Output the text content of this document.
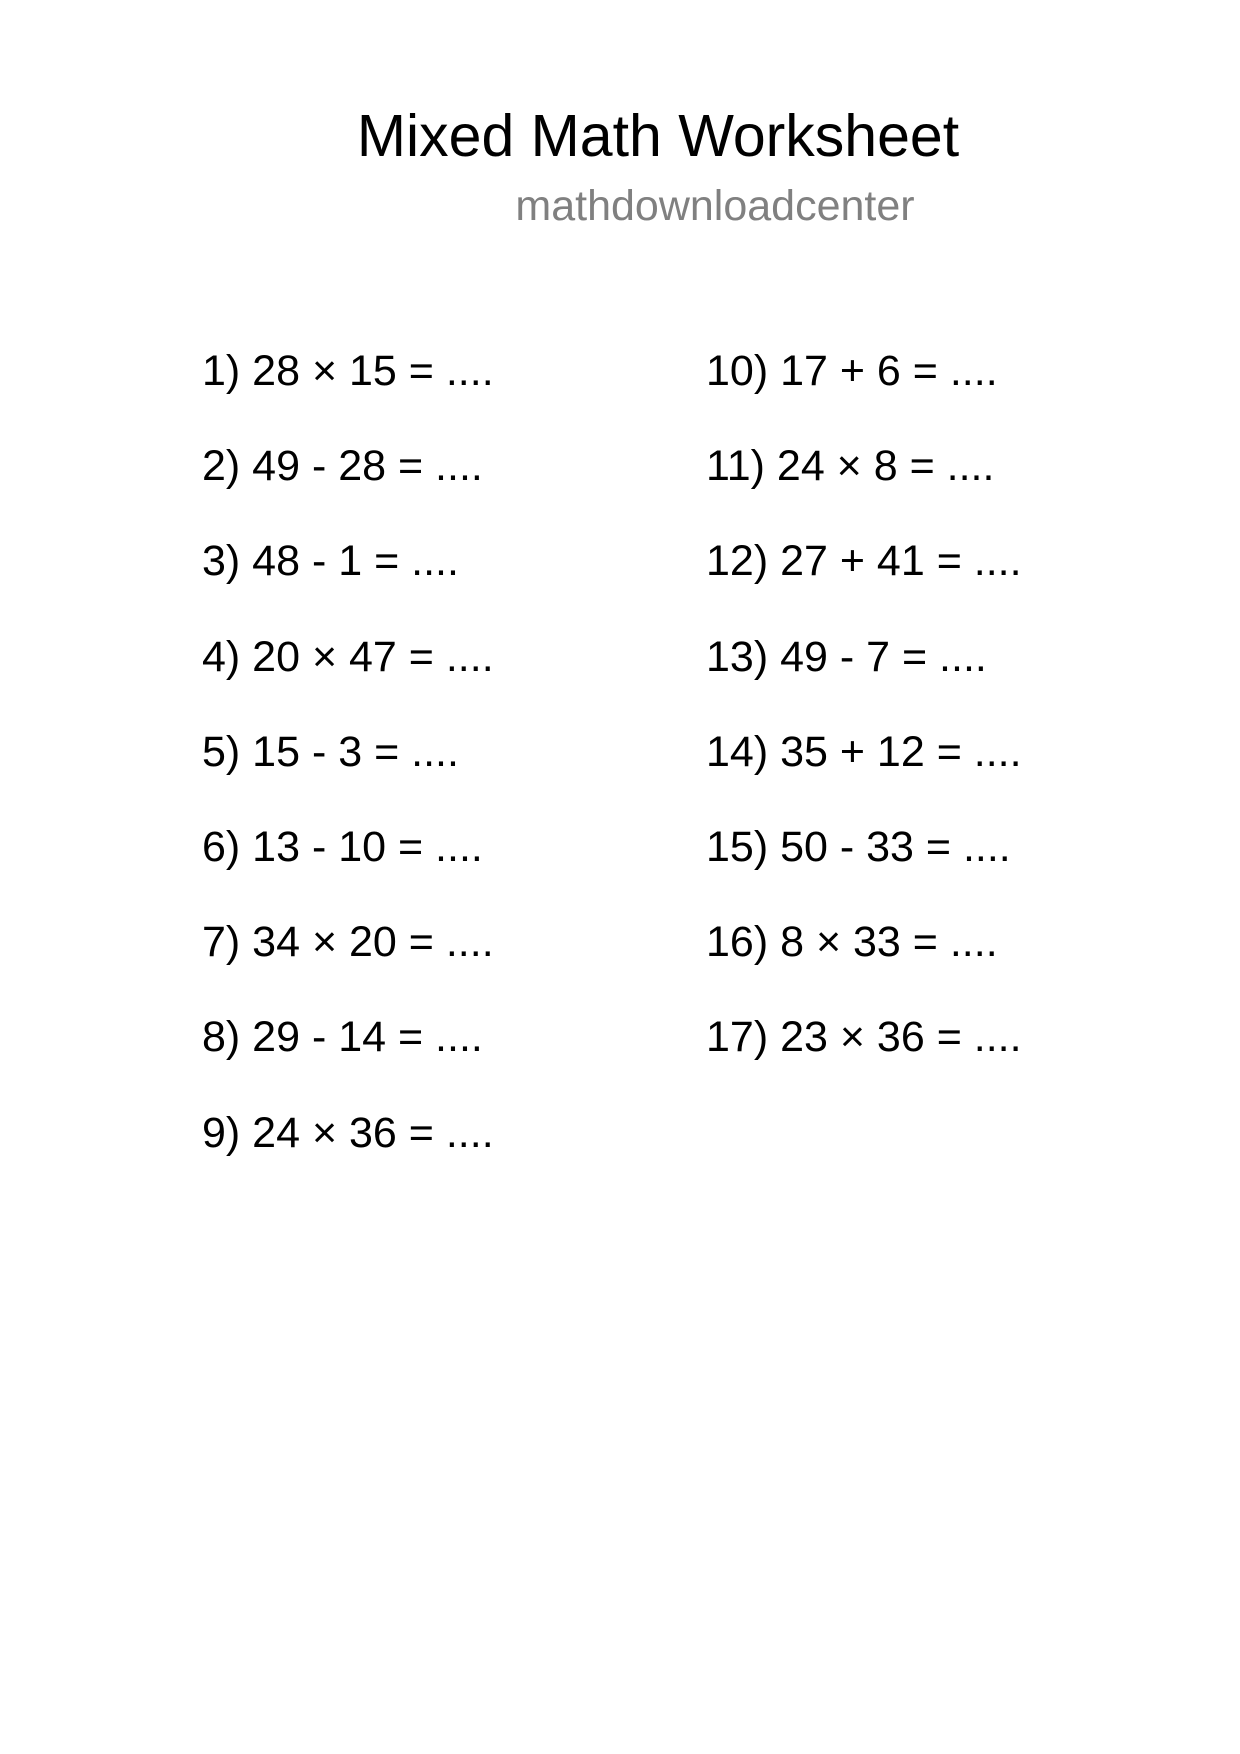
Mixed Math Worksheet
mathdownloadcenter
1) 28 × 15 = ....
2) 49 - 28 = ....
3) 48 - 1 = ....
4) 20 × 47 = ....
5) 15 - 3 = ....
6) 13 - 10 = ....
7) 34 × 20 = ....
8) 29 - 14 = ....
9) 24 × 36 = ....
10) 17 + 6 = ....
11) 24 × 8 = ....
12) 27 + 41 = ....
13) 49 - 7 = ....
14) 35 + 12 = ....
15) 50 - 33 = ....
16) 8 × 33 = ....
17) 23 × 36 = ....
